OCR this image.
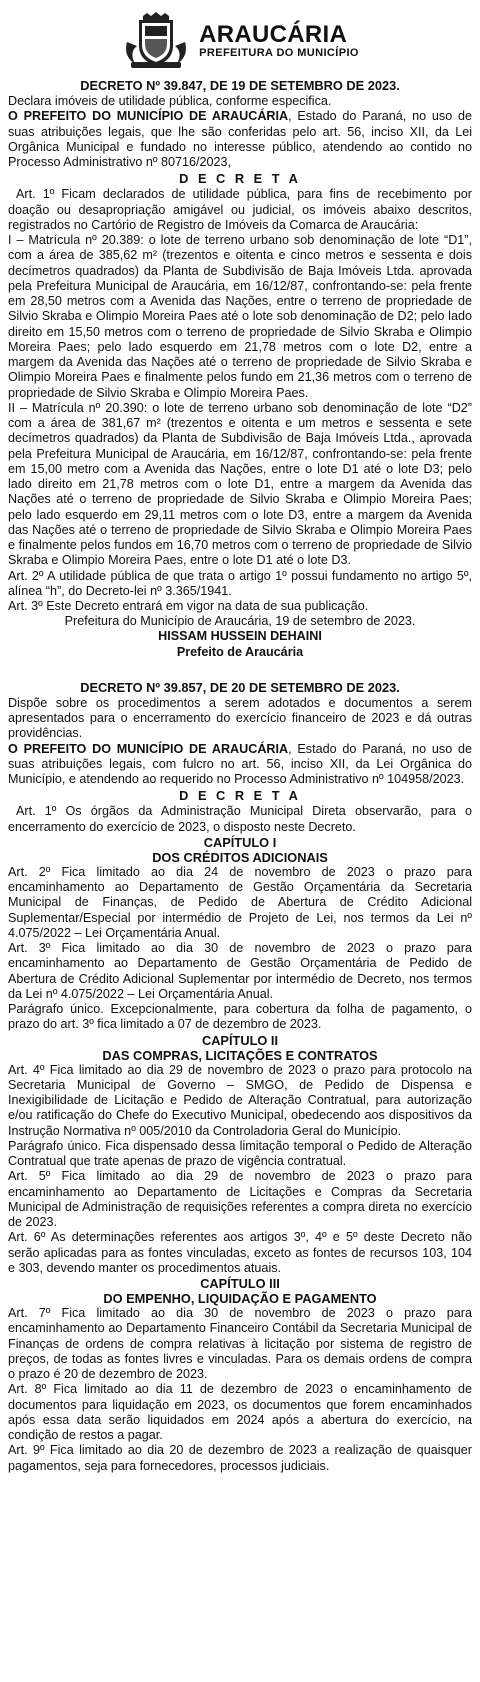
ARAUCÁRIA
PREFEITURA DO MUNICÍPIO
DECRETO Nº 39.847, DE 19 DE SETEMBRO DE 2023.

Declara imóveis de utilidade pública, conforme especifica.

O PREFEITO DO MUNICÍPIO DE ARAUCÁRIA, Estado do Paraná, no uso de suas atribuições legais, que lhe são conferidas pelo art. 56, inciso XII, da Lei Orgânica Municipal e fundado no interesse público, atendendo ao contido no Processo Administrativo nº 80716/2023,

D E C R E T A

Art. 1º Ficam declarados de utilidade pública, para fins de recebimento por doação ou desapropriação amigável ou judicial, os imóveis abaixo descritos, registrados no Cartório de Registro de Imóveis da Comarca de Araucária:

I – Matrícula nº 20.389: o lote de terreno urbano sob denominação de lote “D1”, com a área de 385,62 m² (trezentos e oitenta e cinco metros e sessenta e dois decímetros quadrados) da Planta de Subdivisão de Baja Imóveis Ltda. aprovada pela Prefeitura Municipal de Araucária, em 16/12/87, confrontando-se: pela frente em 28,50 metros com a Avenida das Nações, entre o terreno de propriedade de Silvio Skraba e Olimpio Moreira Paes até o lote sob denominação de D2; pelo lado direito em 15,50 metros com o terreno de propriedade de Silvio Skraba e Olimpio Moreira Paes; pelo lado esquerdo em 21,78 metros com o lote D2, entre a margem da Avenida das Nações até o terreno de propriedade de Silvio Skraba e Olimpio Moreira Paes e finalmente pelos fundo em 21,36 metros com o terreno de propriedade de Silvio Skraba e Olimpio Moreira Paes.

II – Matrícula nº 20.390: o lote de terreno urbano sob denominação de lote “D2” com a área de 381,67 m² (trezentos e oitenta e um metros e sessenta e sete decímetros quadrados) da Planta de Subdivisão de Baja Imóveis Ltda., aprovada pela Prefeitura Municipal de Araucária, em 16/12/87, confrontando-se: pela frente em 15,00 metro com a Avenida das Nações, entre o lote D1 até o lote D3; pelo lado direito em 21,78 metros com o lote D1, entre a margem da Avenida das Nações até o terreno de propriedade de Silvio Skraba e Olimpio Moreira Paes; pelo lado esquerdo em 29,11 metros com o lote D3, entre a margem da Avenida das Nações até o terreno de propriedade de Silvio Skraba e Olimpio Moreira Paes e finalmente pelos fundos em 16,70 metros com o terreno de propriedade de Silvio Skraba e Olimpio Moreira Paes, entre o lote D1 até o lote D3.

Art. 2º A utilidade pública de que trata o artigo 1º possui fundamento no artigo 5º, alínea “h”, do Decreto-lei nº 3.365/1941.

Art. 3º Este Decreto entrará em vigor na data de sua publicação.

Prefeitura do Município de Araucária, 19 de setembro de 2023.
HISSAM HUSSEIN DEHAINI
Prefeito de Araucária
DECRETO Nº 39.857, DE 20 DE SETEMBRO DE 2023.

Dispõe sobre os procedimentos a serem adotados e documentos a serem apresentados para o encerramento do exercício financeiro de 2023 e dá outras providências.

O PREFEITO DO MUNICÍPIO DE ARAUCÁRIA, Estado do Paraná, no uso de suas atribuições legais, com fulcro no art. 56, inciso XII, da Lei Orgânica do Município, e atendendo ao requerido no Processo Administrativo nº 104958/2023.

D E C R E T A

Art. 1º Os órgãos da Administração Municipal Direta observarão, para o encerramento do exercício de 2023, o disposto neste Decreto.

CAPÍTULO I
DOS CRÉDITOS ADICIONAIS

Art. 2º Fica limitado ao dia 24 de novembro de 2023 o prazo para encaminhamento ao Departamento de Gestão Orçamentária da Secretaria Municipal de Finanças, de Pedido de Abertura de Crédito Adicional Suplementar/Especial por intermédio de Projeto de Lei, nos termos da Lei nº 4.075/2022 – Lei Orçamentária Anual.

Art. 3º Fica limitado ao dia 30 de novembro de 2023 o prazo para encaminhamento ao Departamento de Gestão Orçamentária de Pedido de Abertura de Crédito Adicional Suplementar por intermédio de Decreto, nos termos da Lei nº 4.075/2022 – Lei Orçamentária Anual.

Parágrafo único. Excepcionalmente, para cobertura da folha de pagamento, o prazo do art. 3º fica limitado a 07 de dezembro de 2023.

CAPÍTULO II
DAS COMPRAS, LICITAÇÕES E CONTRATOS

Art. 4º Fica limitado ao dia 29 de novembro de 2023 o prazo para protocolo na Secretaria Municipal de Governo – SMGO, de Pedido de Dispensa e Inexigibilidade de Licitação e Pedido de Alteração Contratual, para autorização e/ou ratificação do Chefe do Executivo Municipal, obedecendo aos dispositivos da Instrução Normativa nº 005/2010 da Controladoria Geral do Município.

Parágrafo único. Fica dispensado dessa limitação temporal o Pedido de Alteração Contratual que trate apenas de prazo de vigência contratual.

Art. 5º Fica limitado ao dia 29 de novembro de 2023 o prazo para encaminhamento ao Departamento de Licitações e Compras da Secretaria Municipal de Administração de requisições referentes a compra direta no exercício de 2023.

Art. 6º As determinações referentes aos artigos 3º, 4º e 5º deste Decreto não serão aplicadas para as fontes vinculadas, exceto as fontes de recursos 103, 104 e 303, devendo manter os procedimentos atuais.

CAPÍTULO III
DO EMPENHO, LIQUIDAÇÃO E PAGAMENTO

Art. 7º Fica limitado ao dia 30 de novembro de 2023 o prazo para encaminhamento ao Departamento Financeiro Contábil da Secretaria Municipal de Finanças de ordens de compra relativas à licitação por sistema de registro de preços, de todas as fontes livres e vinculadas. Para os demais ordens de compra o prazo é 20 de dezembro de 2023.

Art. 8º Fica limitado ao dia 11 de dezembro de 2023 o encaminhamento de documentos para liquidação em 2023, os documentos que forem encaminhados após essa data serão liquidados em 2024 após a abertura do exercício, na condição de restos a pagar.

Art. 9º Fica limitado ao dia 20 de dezembro de 2023 a realização de quaisquer pagamentos, seja para fornecedores, processos judiciais.
